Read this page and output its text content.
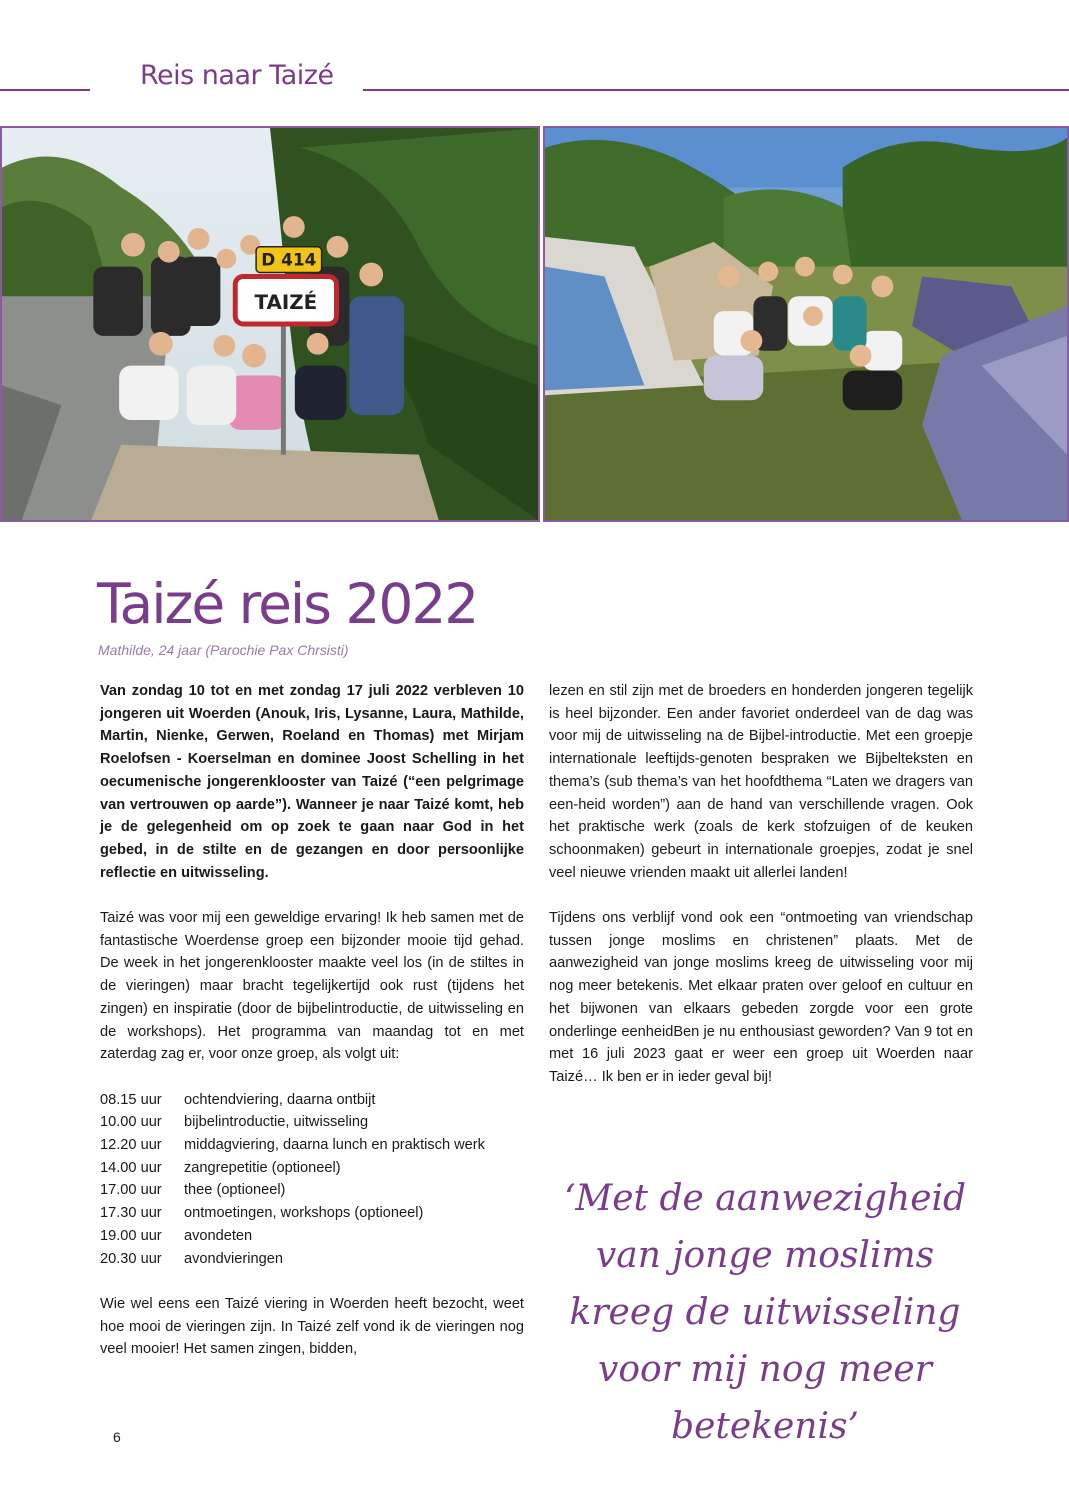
Reis naar Taizé
D 414
TAIZÉ
Taizé reis 2022
Mathilde, 24 jaar (Parochie Pax Chrsisti)

Van zondag 10 tot en met zondag 17 juli 2022 verbleven 10 jongeren uit Woerden (Anouk, Iris, Lysanne, Laura, Mathilde, Martin, Nienke, Gerwen, Roeland en Thomas) met Mirjam Roelofsen - Koerselman en dominee Joost Schelling in het oecumenische jongerenklooster van Taizé (“een pelgrimage van vertrouwen op aarde”). Wanneer je naar Taizé komt, heb je de gelegenheid om op zoek te gaan naar God in het gebed, in de stilte en de gezangen en door persoonlijke reflectie en uitwisseling.

Taizé was voor mij een geweldige ervaring! Ik heb samen met de fantastische Woerdense groep een bijzonder mooie tijd gehad. De week in het jongerenklooster maakte veel los (in de stiltes in de vieringen) maar bracht tegelijkertijd ook rust (tijdens het zingen) en inspiratie (door de bijbelintroductie, de uitwisseling en de workshops). Het programma van maandag tot en met zaterdag zag er, voor onze groep, als volgt uit:

08.15 uur	ochtendviering, daarna ontbijt
10.00 uur	bijbelintroductie, uitwisseling
12.20 uur	middagviering, daarna lunch en praktisch werk
14.00 uur	zangrepetitie (optioneel)
17.00 uur	thee (optioneel)
17.30 uur	ontmoetingen, workshops (optioneel)
19.00 uur	avondeten
20.30 uur	avondvieringen

Wie wel eens een Taizé viering in Woerden heeft bezocht, weet hoe mooi de vieringen zijn. In Taizé zelf vond ik de vieringen nog veel mooier! Het samen zingen, bidden,

lezen en stil zijn met de broeders en honderden jongeren tegelijk is heel bijzonder. Een ander favoriet onderdeel van de dag was voor mij de uitwisseling na de Bijbel-introductie. Met een groepje internationale leeftijds-genoten bespraken we Bijbelteksten en thema’s (sub thema’s van het hoofdthema “Laten we dragers van een-heid worden”) aan de hand van verschillende vragen. Ook het praktische werk (zoals de kerk stofzuigen of de keuken schoonmaken) gebeurt in internationale groepjes, zodat je snel veel nieuwe vrienden maakt uit allerlei landen!

Tijdens ons verblijf vond ook een “ontmoeting van vriendschap tussen jonge moslims en christenen” plaats. Met de aanwezigheid van jonge moslims kreeg de uitwisseling voor mij nog meer betekenis. Met elkaar praten over geloof en cultuur en het bijwonen van elkaars gebeden zorgde voor een grote onderlinge eenheidBen je nu enthousiast geworden? Van 9 tot en met 16 juli 2023 gaat er weer een groep uit Woerden naar Taizé… Ik ben er in ieder geval bij!

‘Met de aanwezigheid van jonge moslims kreeg de uitwisseling voor mij nog meer betekenis’
6
